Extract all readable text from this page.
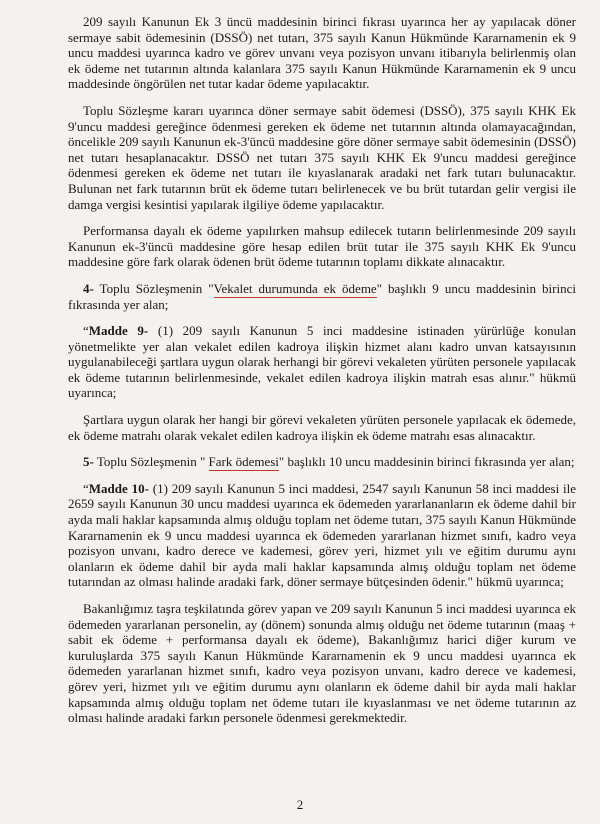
209 sayılı Kanunun Ek 3 üncü maddesinin birinci fıkrası uyarınca her ay yapılacak döner sermaye sabit ödemesinin (DSSÖ) net tutarı, 375 sayılı Kanun Hükmünde Kararnamenin ek 9 uncu maddesi uyarınca kadro ve görev unvanı veya pozisyon unvanı itibarıyla belirlenmiş olan ek ödeme net tutarının altında kalanlara 375 sayılı Kanun Hükmünde Kararnamenin ek 9 uncu maddesinde öngörülen net tutar kadar ödeme yapılacaktır.

Toplu Sözleşme kararı uyarınca döner sermaye sabit ödemesi (DSSÖ), 375 sayılı KHK Ek 9'uncu maddesi gereğince ödenmesi gereken ek ödeme net tutarının altında olamayacağından, öncelikle 209 sayılı Kanunun ek-3'üncü maddesine göre döner sermaye sabit ödemesinin (DSSÖ) net tutarı hesaplanacaktır. DSSÖ net tutarı 375 sayılı KHK Ek 9'uncu maddesi gereğince ödenmesi gereken ek ödeme net tutarı ile kıyaslanarak aradaki net fark tutarı bulunacaktır. Bulunan net fark tutarının brüt ek ödeme tutarı belirlenecek ve bu brüt tutardan gelir vergisi ile damga vergisi kesintisi yapılarak ilgiliye ödeme yapılacaktır.

Performansa dayalı ek ödeme yapılırken mahsup edilecek tutarın belirlenmesinde 209 sayılı Kanunun ek-3'üncü maddesine göre hesap edilen brüt tutar ile 375 sayılı KHK Ek 9'uncu maddesine göre fark olarak ödenen brüt ödeme tutarının toplamı dikkate alınacaktır.

4- Toplu Sözleşmenin "Vekalet durumunda ek ödeme" başlıklı 9 uncu maddesinin birinci fıkrasında yer alan;

“Madde 9- (1) 209 sayılı Kanunun 5 inci maddesine istinaden yürürlüğe konulan yönetmelikte yer alan vekalet edilen kadroya ilişkin hizmet alanı kadro unvan katsayısının uygulanabileceği şartlara uygun olarak herhangi bir görevi vekaleten yürüten personele yapılacak ek ödeme tutarının belirlenmesinde, vekalet edilen kadroya ilişkin matrah esas alınır." hükmü uyarınca;

Şartlara uygun olarak her hangi bir görevi vekaleten yürüten personele yapılacak ek ödemede, ek ödeme matrahı olarak vekalet edilen kadroya ilişkin ek ödeme matrahı esas alınacaktır.

5- Toplu Sözleşmenin " Fark ödemesi" başlıklı 10 uncu maddesinin birinci fıkrasında yer alan;

“Madde 10- (1) 209 sayılı Kanunun 5 inci maddesi, 2547 sayılı Kanunun 58 inci maddesi ile 2659 sayılı Kanunun 30 uncu maddesi uyarınca ek ödemeden yararlananların ek ödeme dahil bir ayda mali haklar kapsamında almış olduğu toplam net ödeme tutarı, 375 sayılı Kanun Hükmünde Kararnamenin ek 9 uncu maddesi uyarınca ek ödemeden yararlanan hizmet sınıfı, kadro veya pozisyon unvanı, kadro derece ve kademesi, görev yeri, hizmet yılı ve eğitim durumu aynı olanların ek ödeme dahil bir ayda mali haklar kapsamında almış olduğu toplam net ödeme tutarından az olması halinde aradaki fark, döner sermaye bütçesinden ödenir." hükmü uyarınca;

Bakanlığımız taşra teşkilatında görev yapan ve 209 sayılı Kanunun 5 inci maddesi uyarınca ek ödemeden yararlanan personelin, ay (dönem) sonunda almış olduğu net ödeme tutarının (maaş + sabit ek ödeme + performansa dayalı ek ödeme), Bakanlığımız harici diğer kurum ve kuruluşlarda 375 sayılı Kanun Hükmünde Kararnamenin ek 9 uncu maddesi uyarınca ek ödemeden yararlanan hizmet sınıfı, kadro veya pozisyon unvanı, kadro derece ve kademesi, görev yeri, hizmet yılı ve eğitim durumu aynı olanların ek ödeme dahil bir ayda mali haklar kapsamında almış olduğu toplam net ödeme tutarı ile kıyaslanması ve net ödeme tutarının az olması halinde aradaki farkın personele ödenmesi gerekmektedir.

2
